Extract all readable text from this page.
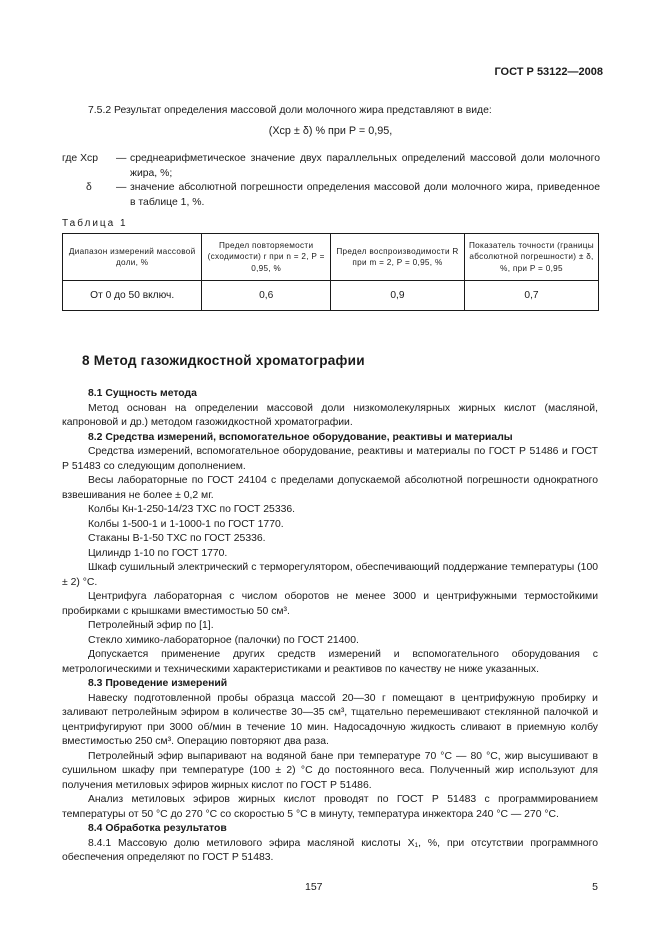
ГОСТ Р 53122—2008

7.5.2 Результат определения массовой доли молочного жира представляют в виде:

(Xср ± δ) % при P = 0,95,
где Xср	— среднеарифметическое значение двух параллельных определений массовой доли молочного жира, %;
δ	— значение абсолютной погрешности определения массовой доли молочного жира, приведенное в таблице 1, %.
Таблица 1
Диапазон измерений массовой доли, %	Предел повторяемости (сходимости) r при n = 2, P = 0,95, %	Предел воспроизводимости R при m = 2, P = 0,95, %	Показатель точности (границы абсолютной погрешности) ± δ, %, при P = 0,95
От 0 до 50 включ.	0,6	0,9	0,7
8 Метод газожидкостной хроматографии

8.1 Сущность метода

Метод основан на определении массовой доли низкомолекулярных жирных кислот (масляной, капроновой и др.) методом газожидкостной хроматографии.

8.2 Средства измерений, вспомогательное оборудование, реактивы и материалы

Средства измерений, вспомогательное оборудование, реактивы и материалы по ГОСТ Р 51486 и ГОСТ Р 51483 со следующим дополнением.

Весы лабораторные по ГОСТ 24104 с пределами допускаемой абсолютной погрешности однократного взвешивания не более ± 0,2 мг.

Колбы Кн-1-250-14/23 ТХС по ГОСТ 25336.

Колбы 1-500-1 и 1-1000-1 по ГОСТ 1770.

Стаканы В-1-50 ТХС по ГОСТ 25336.

Цилиндр 1-10 по ГОСТ 1770.

Шкаф сушильный электрический с терморегулятором, обеспечивающий поддержание температуры (100 ± 2) °С.

Центрифуга лабораторная с числом оборотов не менее 3000 и центрифужными термостойкими пробирками с крышками вместимостью 50 см³.

Петролейный эфир по [1].

Стекло химико-лабораторное (палочки) по ГОСТ 21400.

Допускается применение других средств измерений и вспомогательного оборудования с метрологическими и техническими характеристиками и реактивов по качеству не ниже указанных.

8.3 Проведение измерений

Навеску подготовленной пробы образца массой 20—30 г помещают в центрифужную пробирку и заливают петролейным эфиром в количестве 30—35 см³, тщательно перемешивают стеклянной палочкой и центрифугируют при 3000 об/мин в течение 10 мин. Надосадочную жидкость сливают в приемную колбу вместимостью 250 см³. Операцию повторяют два раза.

Петролейный эфир выпаривают на водяной бане при температуре 70 °С — 80 °С, жир высушивают в сушильном шкафу при температуре (100 ± 2) °С до постоянного веса. Полученный жир используют для получения метиловых эфиров жирных кислот по ГОСТ Р 51486.

Анализ метиловых эфиров жирных кислот проводят по ГОСТ Р 51483 с программированием температуры от 50 °С до 270 °С со скоростью 5 °С в минуту, температура инжектора 240 °С — 270 °С.

8.4 Обработка результатов

8.4.1 Массовую долю метилового эфира масляной кислоты X₁, %, при отсутствии программного обеспечения определяют по ГОСТ Р 51483.

157	5
